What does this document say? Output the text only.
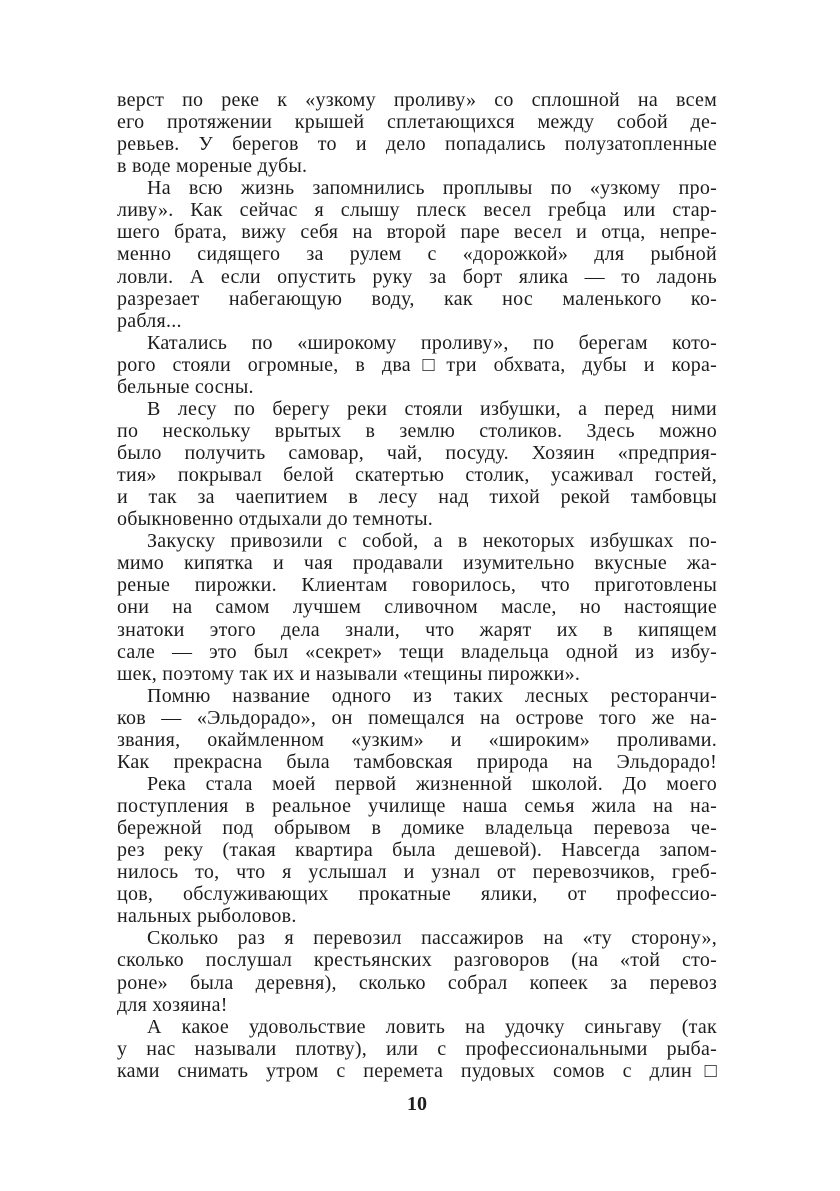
верст по реке к «узкому проливу» со сплошной на всем
его протяжении крышей сплетающихся между собой де-
ревьев. У берегов то и дело попадались полузатопленные
в воде мореные дубы.
На всю жизнь запомнились проплывы по «узкому про-
ливу». Как сейчас я слышу плеск весел гребца или стар-
шего брата, вижу себя на второй паре весел и отца, непре-
менно сидящего за рулем с «дорожкой» для рыбной
ловли. А если опустить руку за борт ялика — то ладонь
разрезает набегающую воду, как нос маленького ко-
рабля...
Катались по «широкому проливу», по берегам кото-
рого стояли огромные, в два□три обхвата, дубы и кора-
бельные сосны.
В лесу по берегу реки стояли избушки, а перед ними
по нескольку врытых в землю столиков. Здесь можно
было получить самовар, чай, посуду. Хозяин «предприя-
тия» покрывал белой скатертью столик, усаживал гостей,
и так за чаепитием в лесу над тихой рекой тамбовцы
обыкновенно отдыхали до темноты.
Закуску привозили с собой, а в некоторых избушках по-
мимо кипятка и чая продавали изумительно вкусные жа-
реные пирожки. Клиентам говорилось, что приготовлены
они на самом лучшем сливочном масле, но настоящие
знатоки этого дела знали, что жарят их в кипящем
сале — это был «секрет» тещи владельца одной из избу-
шек, поэтому так их и называли «тещины пирожки».
Помню название одного из таких лесных ресторанчи-
ков — «Эльдорадо», он помещался на острове того же на-
звания, окаймленном «узким» и «широким» проливами.
Как прекрасна была тамбовская природа на Эльдорадо!
Река стала моей первой жизненной школой. До моего
поступления в реальное училище наша семья жила на на-
бережной под обрывом в домике владельца перевоза че-
рез реку (такая квартира была дешевой). Навсегда запом-
нилось то, что я услышал и узнал от перевозчиков, греб-
цов, обслуживающих прокатные ялики, от профессио-
нальных рыболовов.
Сколько раз я перевозил пассажиров на «ту сторону»,
сколько послушал крестьянских разговоров (на «той сто-
роне» была деревня), сколько собрал копеек за перевоз
для хозяина!
А какое удовольствие ловить на удочку синьгаву (так
у нас называли плотву), или с профессиональными рыба-
ками снимать утром с перемета пудовых сомов с длин□
10
